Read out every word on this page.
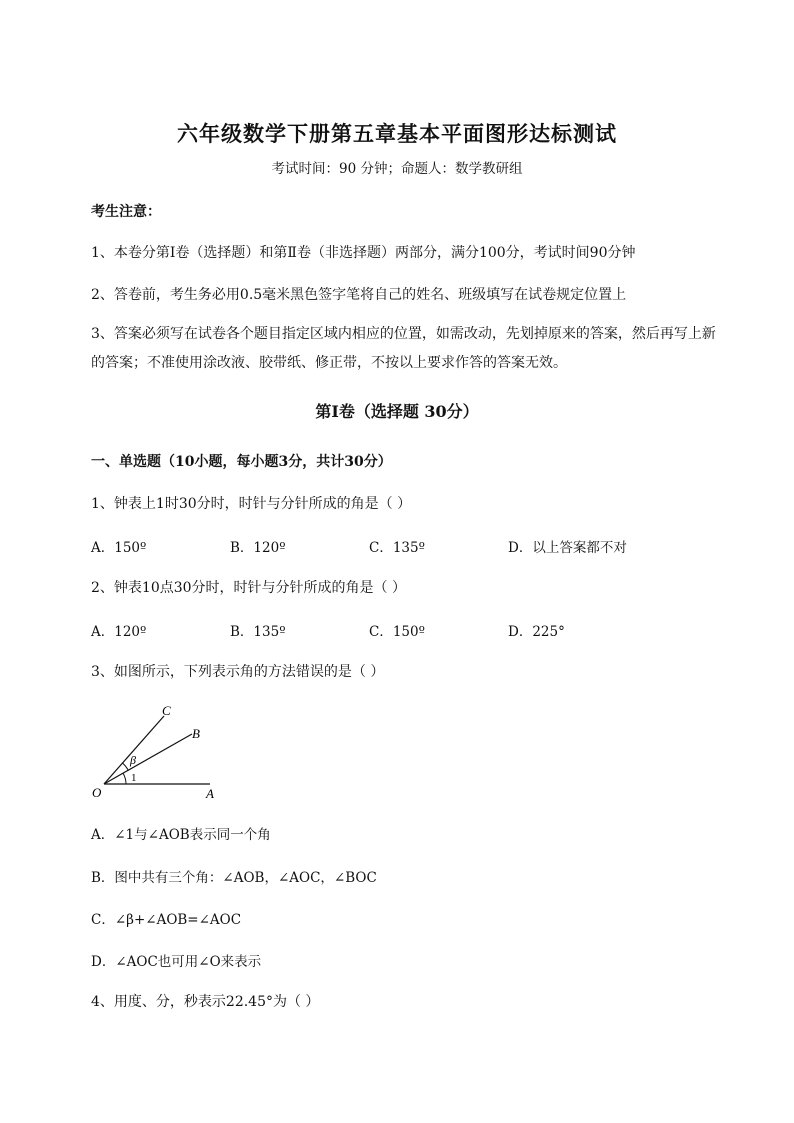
六年级数学下册第五章基本平面图形达标测试
考试时间：90 分钟；命题人：数学教研组
考生注意：
1、本卷分第Ⅰ卷（选择题）和第Ⅱ卷（非选择题）两部分，满分100分，考试时间90分钟
2、答卷前，考生务必用0.5毫米黑色签字笔将自己的姓名、班级填写在试卷规定位置上
3、答案必须写在试卷各个题目指定区域内相应的位置，如需改动，先划掉原来的答案，然后再写上新的答案；不准使用涂改液、胶带纸、修正带，不按以上要求作答的答案无效。
第Ⅰ卷（选择题 30分）
一、单选题（10小题，每小题3分，共计30分）
1、钟表上1时30分时，时针与分针所成的角是（ ）
A．150º	B．120º	C．135º	D．以上答案都不对
2、钟表10点30分时，时针与分针所成的角是（ ）
A．120º	B．135º	C．150º	D．225°
3、如图所示，下列表示角的方法错误的是（ ）
C
B
β
1
O	A
A．∠1与∠AOB表示同一个角
B．图中共有三个角：∠AOB，∠AOC，∠BOC
C．∠β+∠AOB=∠AOC
D．∠AOC也可用∠O来表示
4、用度、分，秒表示22.45°为（ ）
